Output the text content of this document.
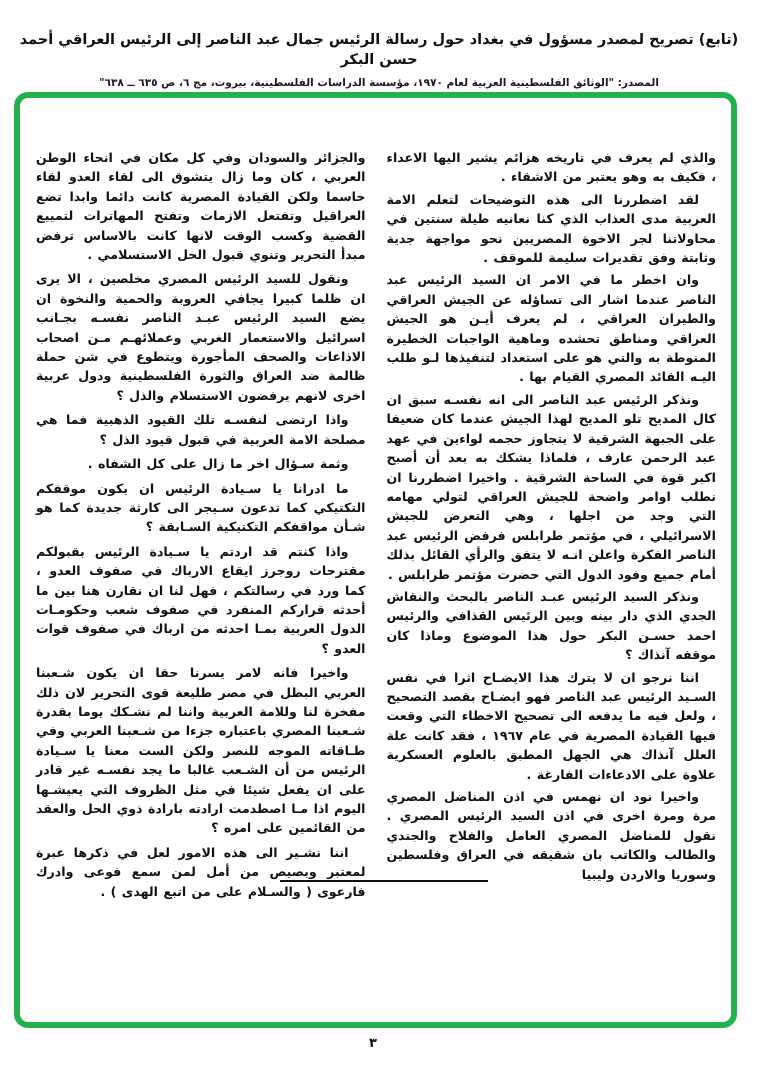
(تابع) تصريح لمصدر مسؤول في بغداد حول رسالة الرئيس جمال عبد الناصر إلى الرئيس العراقي أحمد حسن البكر
المصدر: "الوثائق الفلسطينية العربية لعام ١٩٧٠، مؤسسة الدراسات الفلسطينية، بيروت، مج ٦، ص ٦٣٥ ــ ٦٣٨"

والذي لم يعرف في تاريخه هزائم يشير اليها الاعداء ، فكيف به وهو يعتبر من الاشقاء .

لقد اضطررنا الى هذه التوضيحات لتعلم الامة العربية مدى العذاب الذي كنا نعانيه طيلة سنتين في محاولاتنا لجر الاخوة المصريين نحو مواجهة جدية وثابتة وفق تقديرات سليمة للموقف .

وان اخطر ما في الامر ان السيد الرئيس عبد الناصر عندما اشار الى تساؤله عن الجيش العراقي والطيران العراقي ، لم يعرف أيـن هو الجيش العراقي ومناطق تحشده وماهية الواجبات الخطيرة المنوطة به والتي هو على استعداد لتنفيذها لـو طلب اليـه القائد المصري القيام بها .

ونذكر الرئيس عبد الناصر الى انه نفسـه سبق ان كال المديح تلو المديح لهذا الجيش عندما كان ضعيفا على الجبهة الشرقية لا يتجاوز حجمه لواءين في عهد عبد الرحمن عارف ، فلماذا يشكك به بعد أن أصبح اكبر قوة في الساحة الشرقية . واخيرا اضطررنا ان نطلب اوامر واضحة للجيش العراقي لتولي مهامه التي وجد من اجلها ، وهي التعرض للجيش الاسرائيلي ، في مؤتمر طرابلس فرفض الرئيس عبد الناصر الفكرة واعلن انـه لا يتفق والرأي القائل بذلك أمام جميع وفود الدول التي حضرت مؤتمر طرابلس .

ونذكر السيد الرئيس عبـد الناصر بالبحث والنقاش الجدي الذي دار بينه وبين الرئيس القذافي والرئيس احمد حسـن البكر حول هذا الموضوع وماذا كان موقفه آنذاك ؟

اننا نرجو ان لا يترك هذا الايضـاح اثرا في نفس السـيد الرئيس عبد الناصر فهو ايضـاح بقصد التصحيح ، ولعل فيه ما يدفعه الى تصحيح الاخطاء التي وقعت فيها القيادة المصرية في عام ١٩٦٧ ، فقد كانت علة العلل آنذاك هي الجهل المطبق بالعلوم العسكرية علاوة على الادعاءات الفارغة .

واخيرا نود ان نهمس في اذن المناضل المصري مرة ومرة اخرى في اذن السيد الرئيس المصري . نقول للمناضل المصري العامل والفلاح والجندي والطالب والكاتب بان شقيقه في العراق وفلسطين وسوريا والاردن وليبيا

والجزائر والسودان وفي كل مكان في انحاء الوطن العربي ، كان وما زال يتشوق الى لقاء العدو لقاء حاسما ولكن القيادة المصرية كانت دائما وابدا تضع العراقيل وتفتعل الازمات وتفتح المهاترات لتمييع القضية وكسب الوقت لانها كانت بالاساس ترفض مبدأ التحرير وتنوي قبول الحل الاستسلامي .

ونقول للسيد الرئيس المصري مخلصين ، الا يرى ان ظلما كبيرا يجافي العروبة والحمية والنخوة ان يضع السيد الرئيس عبـد الناصر نفسـه بجـانب اسرائيل والاستعمار الغربي وعملائهـم مـن اصحاب الاذاعات والصحف المأجورة ويتطوع في شن حملة ظالمة ضد العراق والثورة الفلسطينية ودول عربية اخرى لانهم يرفضون الاستسلام والذل ؟

واذا ارتضى لنفسـه تلك القيود الذهبية فما هي مصلحة الامة العربية في قبول قيود الذل ؟

وثمة سـؤال اخر ما زال على كل الشفاه .

ما ادرانا يا سـيادة الرئيس ان يكون موقفكم التكتيكي كما تدعون سـيجر الى كارثة جديدة كما هو شـأن مواقفكم التكتيكية السـابقة ؟

واذا كنتم قد اردتم يا سـيادة الرئيس بقبولكم مقترحات روجرز ايقاع الارباك في صفوف العدو ، كما ورد في رسالتكم ، فهل لنا ان نقارن هنا بين ما أحدثه قراركم المنفرد في صفوف شعب وحكومـات الدول العربية بمـا احدثه من ارباك في صفوف قوات العدو ؟

واخيرا فانه لامر يسرنا حقا ان يكون شـعبنا العربي البطل في مصر طليعة قوى التحرير لان ذلك مفخرة لنا وللامة العربية واننا لم نشـكك يوما بقدرة شـعبنا المصري باعتباره جزءا من شـعبنا العربي وفي طـاقاته الموجه للنصر ولكن الست معنا يا سـيادة الرئيس من أن الشـعب غالبا ما يجد نفسـه غير قادر على ان يفعل شيئا في مثل الظروف التي يعيشـها اليوم اذا مـا اصطدمت ارادته بارادة ذوي الحل والعقد من القائمين على امره ؟

اننا نشـير الى هذه الامور لعل في ذكرها عبرة لمعتبر وبصيص من أمل لمن سمع فوعى وادرك فارعوى ( والسـلام على من اتبع الهدى ) .

٣
